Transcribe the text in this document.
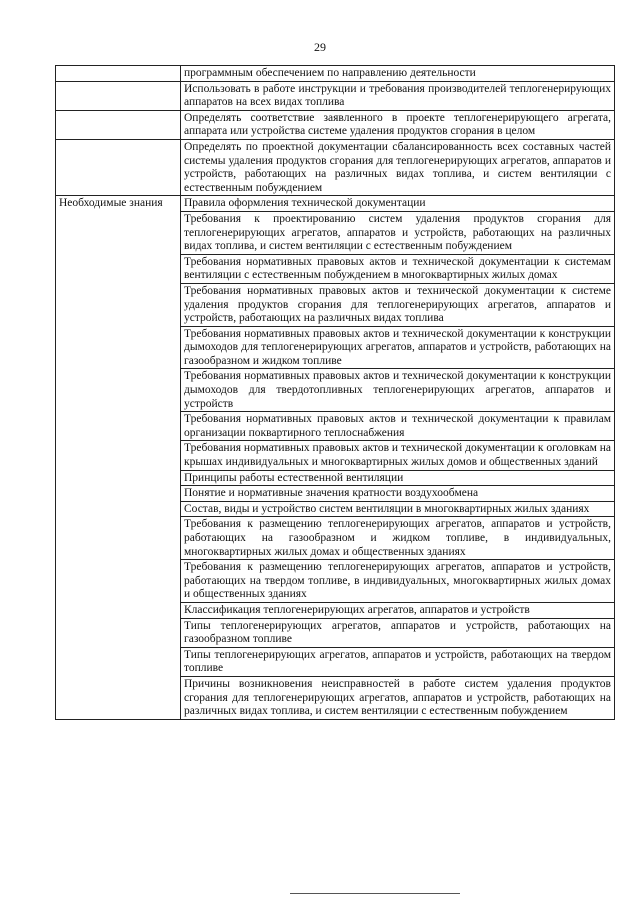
29
	программным обеспечением по направлению деятельности
	Использовать в работе инструкции и требования производителей теплогенерирующих аппаратов на всех видах топлива
	Определять соответствие заявленного в проекте теплогенерирующего агрегата, аппарата или устройства системе удаления продуктов сгорания в целом
	Определять по проектной документации сбалансированность всех составных частей системы удаления продуктов сгорания для теплогенерирующих агрегатов, аппаратов и устройств, работающих на различных видах топлива, и систем вентиляции с естественным побуждением
Необходимые знания	Правила оформления технической документации
	Требования к проектированию систем удаления продуктов сгорания для теплогенерирующих агрегатов, аппаратов и устройств, работающих на различных видах топлива, и систем вентиляции с естественным побуждением
	Требования нормативных правовых актов и технической документации к системам вентиляции с естественным побуждением в многоквартирных жилых домах
	Требования нормативных правовых актов и технической документации к системе удаления продуктов сгорания для теплогенерирующих агрегатов, аппаратов и устройств, работающих на различных видах топлива
	Требования нормативных правовых актов и технической документации к конструкции дымоходов для теплогенерирующих агрегатов, аппаратов и устройств, работающих на газообразном и жидком топливе
	Требования нормативных правовых актов и технической документации к конструкции дымоходов для твердотопливных теплогенерирующих агрегатов, аппаратов и устройств
	Требования нормативных правовых актов и технической документации к правилам организации поквартирного теплоснабжения
	Требования нормативных правовых актов и технической документации к оголовкам на крышах индивидуальных и многоквартирных жилых домов и общественных зданий
	Принципы работы естественной вентиляции
	Понятие и нормативные значения кратности воздухообмена
	Состав, виды и устройство систем вентиляции в многоквартирных жилых зданиях
	Требования к размещению теплогенерирующих агрегатов, аппаратов и устройств, работающих на газообразном и жидком топливе, в индивидуальных, многоквартирных жилых домах и общественных зданиях
	Требования к размещению теплогенерирующих агрегатов, аппаратов и устройств, работающих на твердом топливе, в индивидуальных, многоквартирных жилых домах и общественных зданиях
	Классификация теплогенерирующих агрегатов, аппаратов и устройств
	Типы теплогенерирующих агрегатов, аппаратов и устройств, работающих на газообразном топливе
	Типы теплогенерирующих агрегатов, аппаратов и устройств, работающих на твердом топливе
	Причины возникновения неисправностей в работе систем удаления продуктов сгорания для теплогенерирующих агрегатов, аппаратов и устройств, работающих на различных видах топлива, и систем вентиляции с естественным побуждением
